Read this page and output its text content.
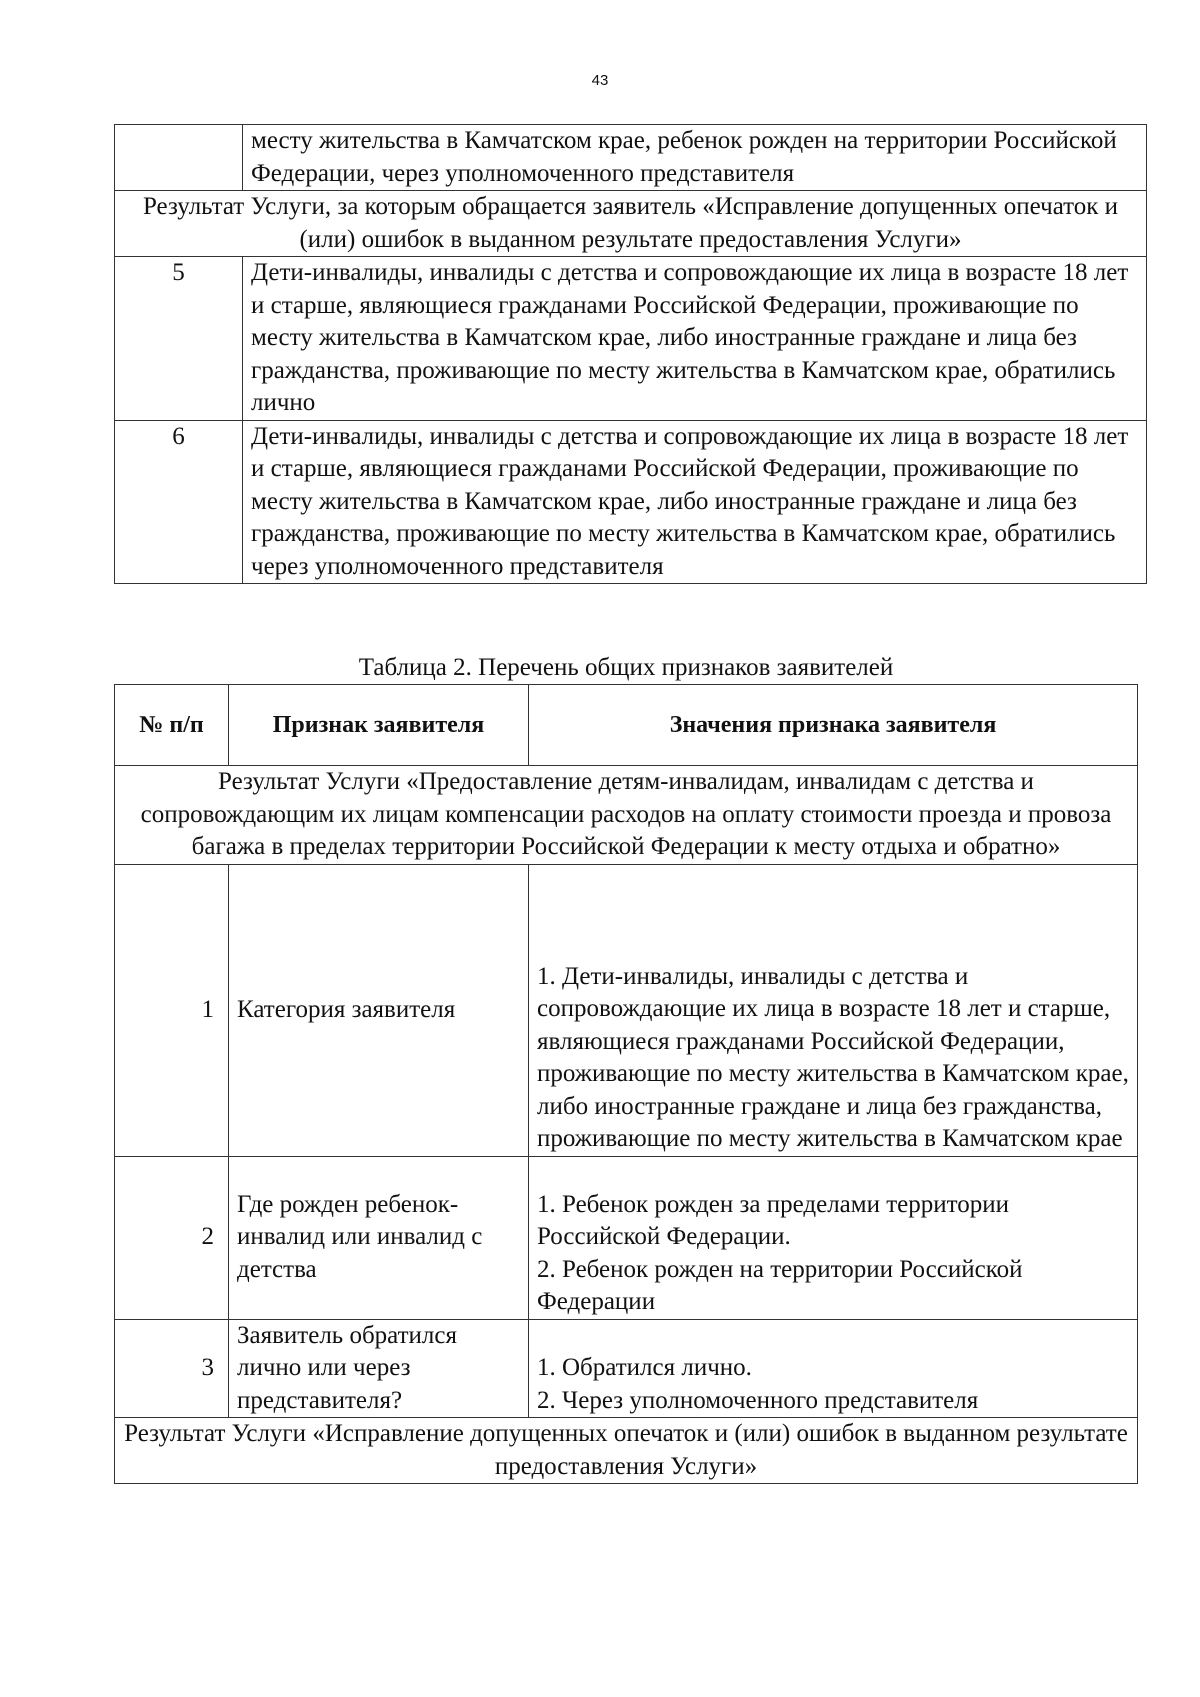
43
	месту жительства в Камчатском крае, ребенок рожден на территории Российской Федерации, через уполномоченного представителя
Результат Услуги, за которым обращается заявитель «Исправление допущенных опечаток и (или) ошибок в выданном результате предоставления Услуги»	
5	Дети-инвалиды, инвалиды с детства и сопровождающие их лица в возрасте 18 лет и старше, являющиеся гражданами Российской Федерации, проживающие по месту жительства в Камчатском крае, либо иностранные граждане и лица без гражданства, проживающие по месту жительства в Камчатском крае, обратились лично
6	Дети-инвалиды, инвалиды с детства и сопровождающие их лица в возрасте 18 лет и старше, являющиеся гражданами Российской Федерации, проживающие по месту жительства в Камчатском крае, либо иностранные граждане и лица без гражданства, проживающие по месту жительства в Камчатском крае, обратились через уполномоченного представителя
Таблица 2. Перечень общих признаков заявителей
№ п/п	Признак заявителя	Значения признака заявителя
Результат Услуги «Предоставление детям-инвалидам, инвалидам с детства и сопровождающим их лицам компенсации расходов на оплату стоимости проезда и провоза багажа в пределах территории Российской Федерации к месту отдыха и обратно»		
1	Категория заявителя	1. Дети-инвалиды, инвалиды с детства и сопровождающие их лица в возрасте 18 лет и старше, являющиеся гражданами Российской Федерации, проживающие по месту жительства в Камчатском крае, либо иностранные граждане и лица без гражданства, проживающие по месту жительства в Камчатском крае

2	Где рожден ребенок-инвалид или инвалид с детства	1. Ребенок рожден за пределами территории Российской Федерации.
2. Ребенок рожден на территории Российской Федерации

3	Заявитель обратился лично или через представителя?	1. Обратился лично.
2. Через уполномоченного представителя

Результат Услуги «Исправление допущенных опечаток и (или) ошибок в выданном результате предоставления Услуги»		
